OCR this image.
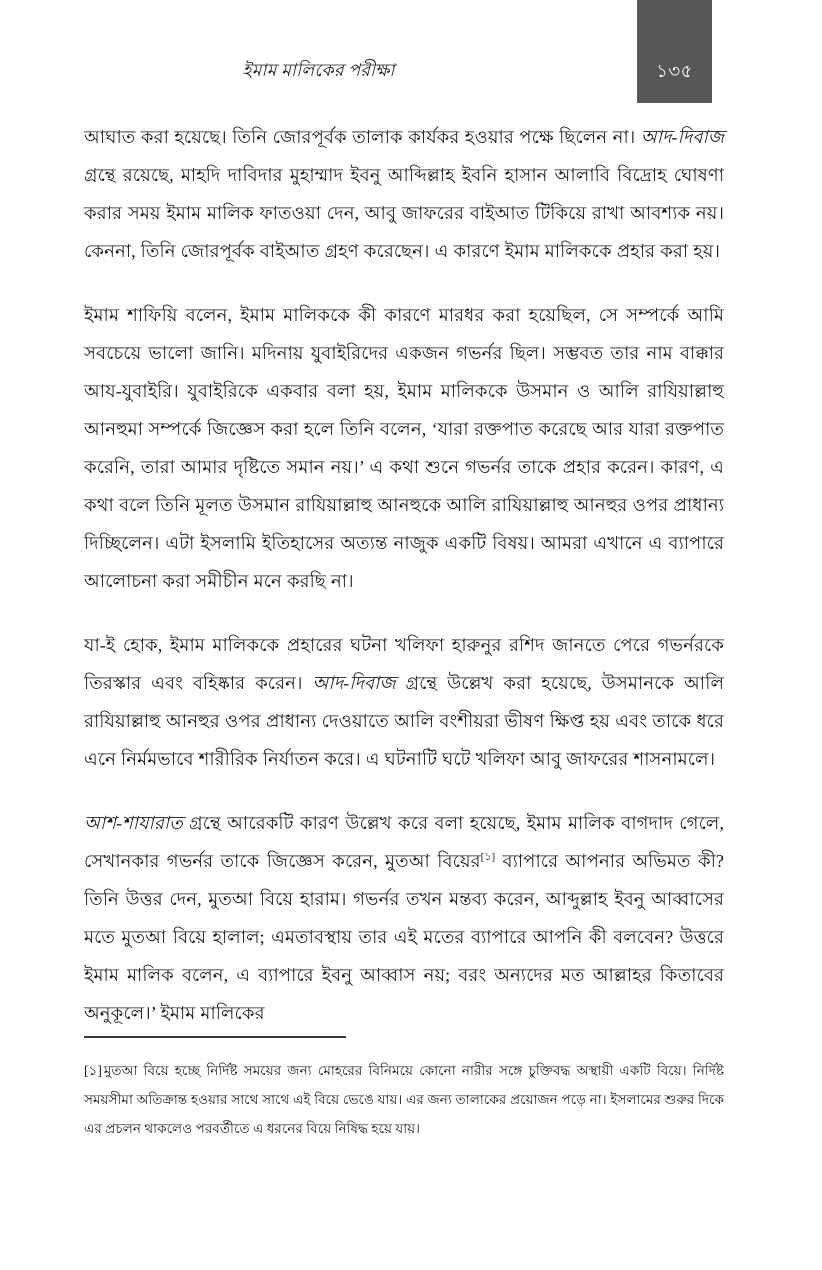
ইমাম মালিকের পরীক্ষা	১৩৫

আঘাত করা হয়েছে। তিনি জোরপূর্বক তালাক কার্যকর হওয়ার পক্ষে ছিলেন না। আদ-দিবাজ গ্রন্থে রয়েছে, মাহদি দাবিদার মুহাম্মাদ ইবনু আব্দিল্লাহ ইবনি হাসান আলাবি বিদ্রোহ ঘোষণা করার সময় ইমাম মালিক ফাতওয়া দেন, আবু জাফরের বাইআত টিকিয়ে রাখা আবশ্যক নয়। কেননা, তিনি জোরপূর্বক বাইআত গ্রহণ করেছেন। এ কারণে ইমাম মালিককে প্রহার করা হয়।

ইমাম শাফিয়ি বলেন, ইমাম মালিককে কী কারণে মারধর করা হয়েছিল, সে সম্পর্কে আমি সবচেয়ে ভালো জানি। মদিনায় যুবাইরিদের একজন গভর্নর ছিল। সম্ভবত তার নাম বাক্কার আয-যুবাইরি। যুবাইরিকে একবার বলা হয়, ইমাম মালিককে উসমান ও আলি রাযিয়াল্লাহু আনহুমা সম্পর্কে জিজ্ঞেস করা হলে তিনি বলেন, ‘যারা রক্তপাত করেছে আর যারা রক্তপাত করেনি, তারা আমার দৃষ্টিতে সমান নয়।’ এ কথা শুনে গভর্নর তাকে প্রহার করেন। কারণ, এ কথা বলে তিনি মূলত উসমান রাযিয়াল্লাহু আনহুকে আলি রাযিয়াল্লাহু আনহুর ওপর প্রাধান্য দিচ্ছিলেন। এটা ইসলামি ইতিহাসের অত্যন্ত নাজুক একটি বিষয়। আমরা এখানে এ ব্যাপারে আলোচনা করা সমীচীন মনে করছি না।

যা-ই হোক, ইমাম মালিককে প্রহারের ঘটনা খলিফা হারুনুর রশিদ জানতে পেরে গভর্নরকে তিরস্কার এবং বহিষ্কার করেন। আদ-দিবাজ গ্রন্থে উল্লেখ করা হয়েছে, উসমানকে আলি রাযিয়াল্লাহু আনহুর ওপর প্রাধান্য দেওয়াতে আলি বংশীয়রা ভীষণ ক্ষিপ্ত হয় এবং তাকে ধরে এনে নির্মমভাবে শারীরিক নির্যাতন করে। এ ঘটনাটি ঘটে খলিফা আবু জাফরের শাসনামলে।

আশ-শাযারাত গ্রন্থে আরেকটি কারণ উল্লেখ করে বলা হয়েছে, ইমাম মালিক বাগদাদ গেলে, সেখানকার গভর্নর তাকে জিজ্ঞেস করেন, মুতআ বিয়ের[১] ব্যাপারে আপনার অভিমত কী? তিনি উত্তর দেন, মুতআ বিয়ে হারাম। গভর্নর তখন মন্তব্য করেন, আব্দুল্লাহ ইবনু আব্বাসের মতে মুতআ বিয়ে হালাল; এমতাবস্থায় তার এই মতের ব্যাপারে আপনি কী বলবেন? উত্তরে ইমাম মালিক বলেন, এ ব্যাপারে ইবনু আব্বাস নয়; বরং অন্যদের মত আল্লাহর কিতাবের অনুকূলে।’ ইমাম মালিকের

[১] মুতআ বিয়ে হচ্ছে নির্দিষ্ট সময়ের জন্য মোহরের বিনিময়ে কোনো নারীর সঙ্গে চুক্তিবদ্ধ অস্থায়ী একটি বিয়ে। নির্দিষ্ট সময়সীমা অতিক্রান্ত হওয়ার সাথে সাথে এই বিয়ে ভেঙে যায়। এর জন্য তালাকের প্রয়োজন পড়ে না। ইসলামের শুরুর দিকে এর প্রচলন থাকলেও পরবর্তীতে এ ধরনের বিয়ে নিষিদ্ধ হয়ে যায়।
